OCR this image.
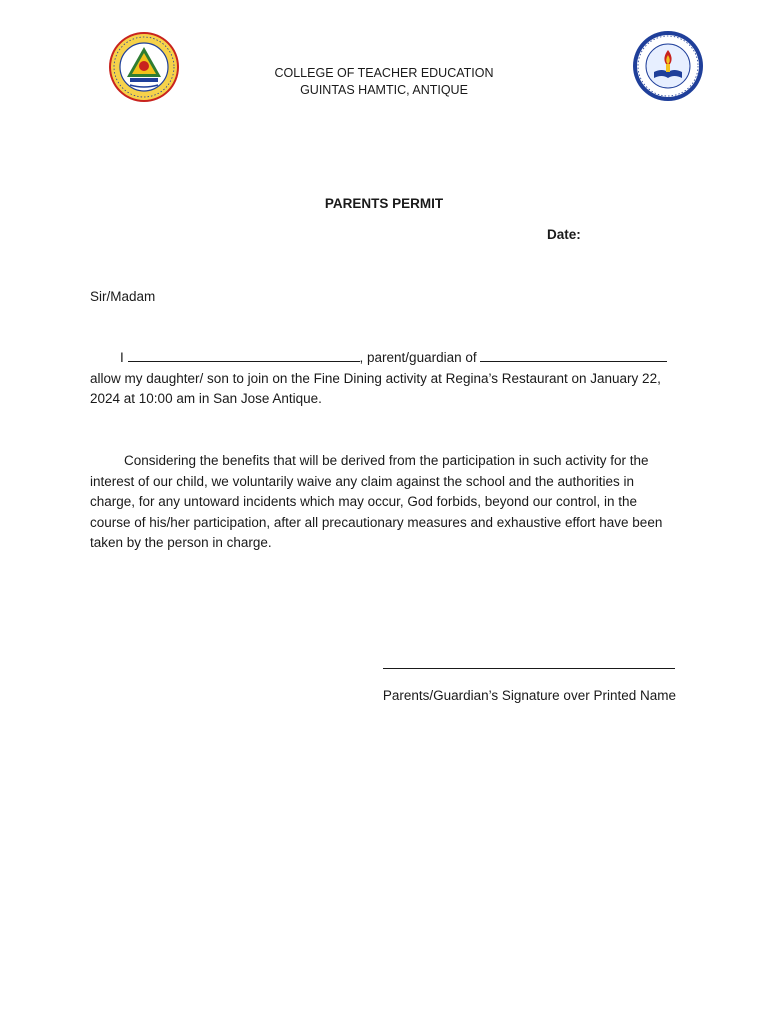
COLLEGE OF TEACHER EDUCATION
GUINTAS HAMTIC, ANTIQUE
PARENTS PERMIT
Date:
Sir/Madam
I	, parent/guardian of  allow my daughter/ son to join on the Fine Dining activity at Regina’s Restaurant on January 22, 2024 at 10:00 am in San Jose Antique.
Considering the benefits that will be derived from the participation in such activity for the interest of our child, we voluntarily waive any claim against the school and the authorities in charge, for any untoward incidents which may occur, God forbids, beyond our control, in the course of his/her participation, after all precautionary measures and exhaustive effort have been taken by the person in charge.
Parents/Guardian’s Signature over Printed Name
